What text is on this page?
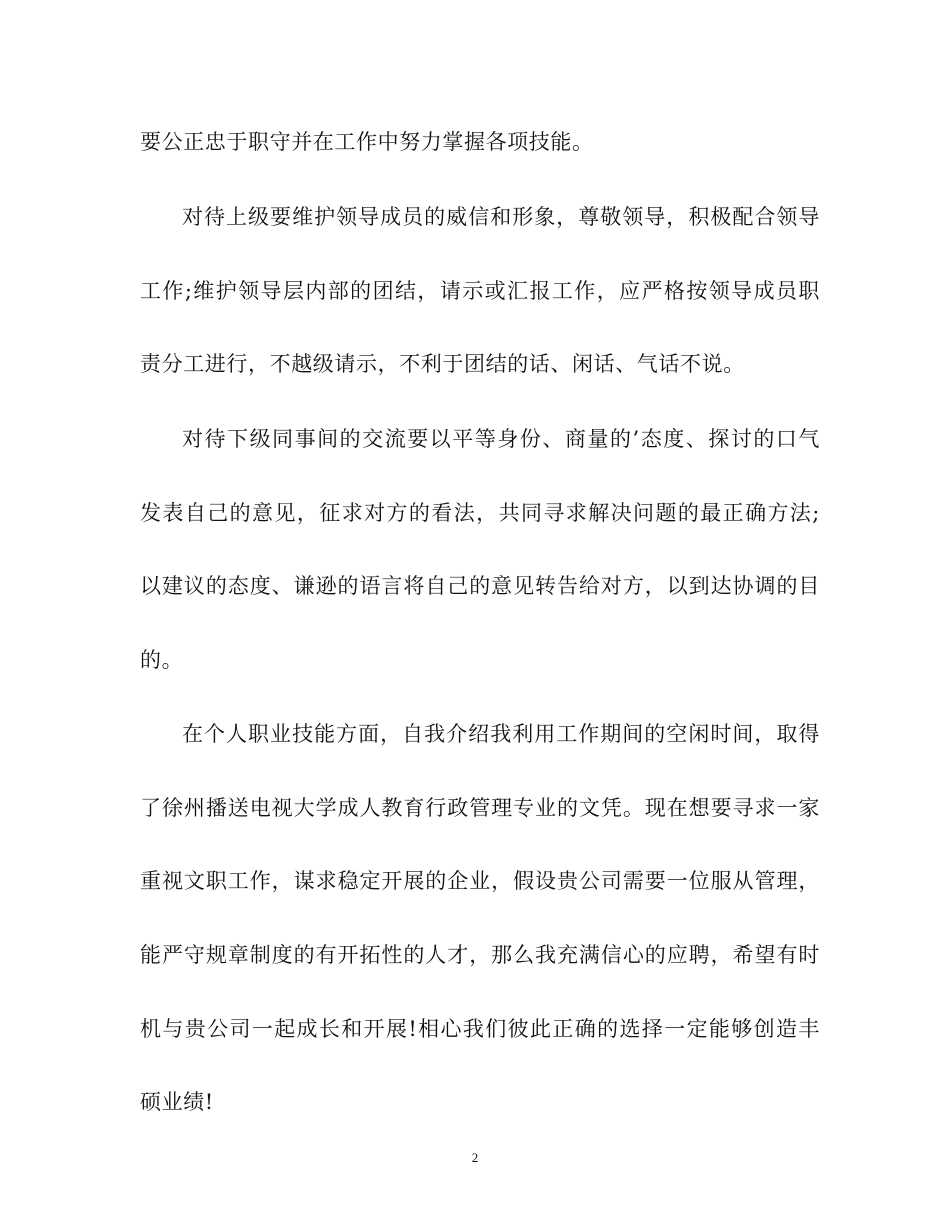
要公正忠于职守并在工作中努力掌握各项技能。
对待上级要维护领导成员的威信和形象，尊敬领导，积极配合领导
工作;维护领导层内部的团结，请示或汇报工作，应严格按领导成员职
责分工进行，不越级请示，不利于团结的话、闲话、气话不说。
对待下级同事间的交流要以平等身份、商量的’态度、探讨的口气
发表自己的意见，征求对方的看法，共同寻求解决问题的最正确方法;
以建议的态度、谦逊的语言将自己的意见转告给对方，以到达协调的目
的。
在个人职业技能方面，自我介绍我利用工作期间的空闲时间，取得
了徐州播送电视大学成人教育行政管理专业的文凭。现在想要寻求一家
重视文职工作，谋求稳定开展的企业，假设贵公司需要一位服从管理，
能严守规章制度的有开拓性的人才，那么我充满信心的应聘，希望有时
机与贵公司一起成长和开展!相心我们彼此正确的选择一定能够创造丰
硕业绩!
2
